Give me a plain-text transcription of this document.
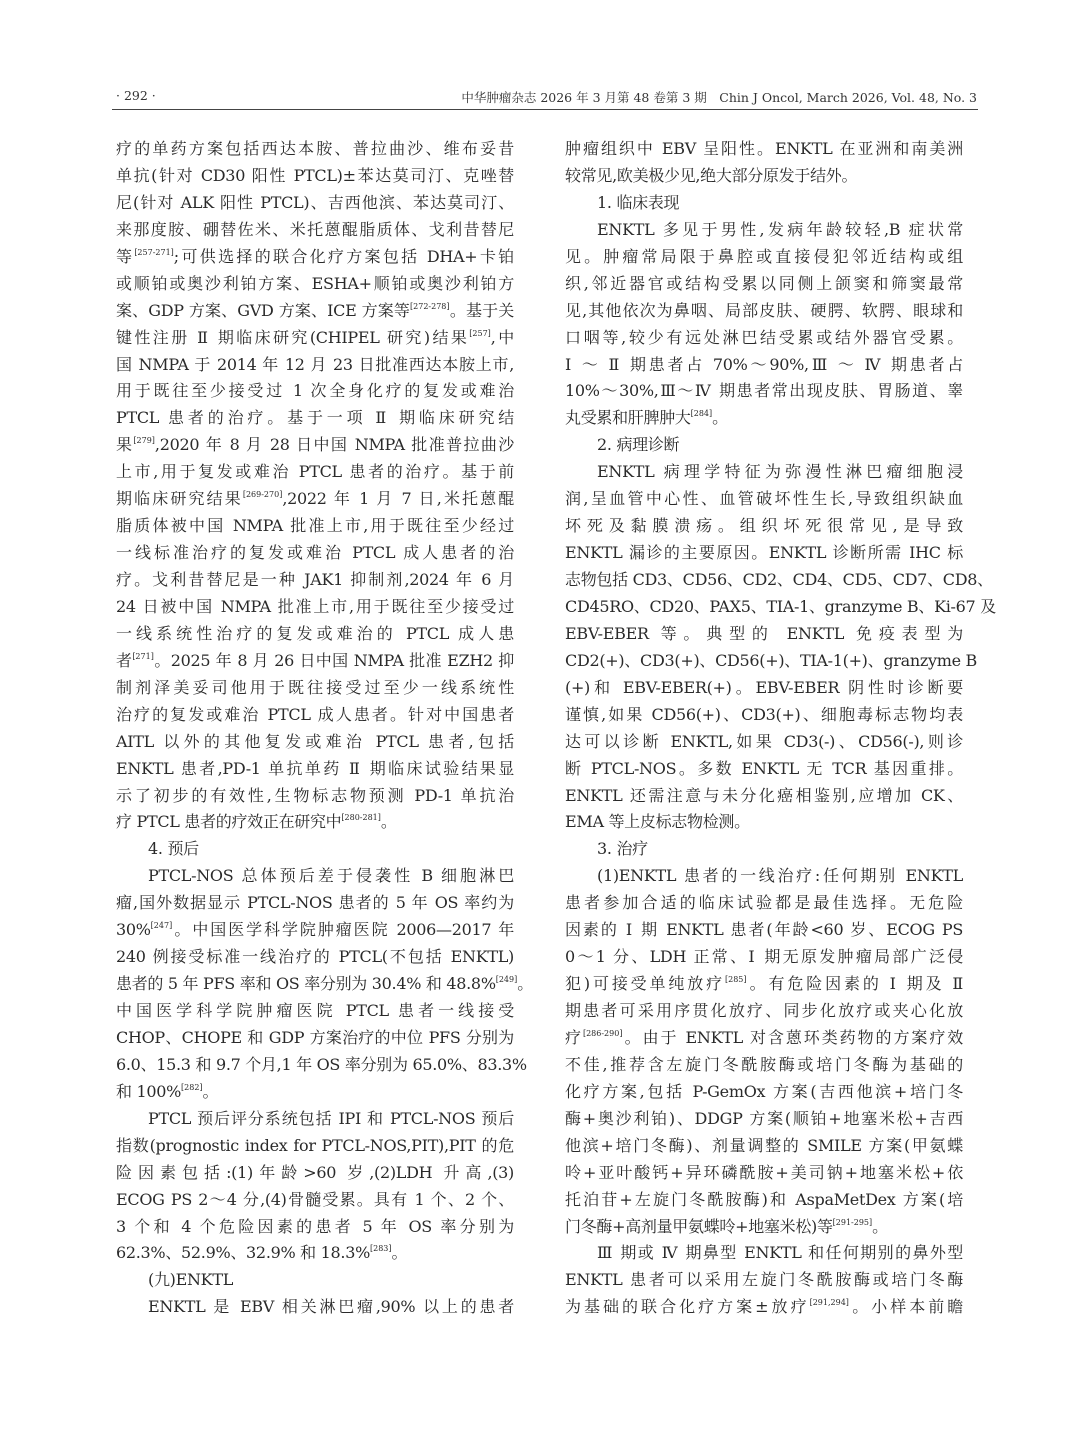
· 292 ·	中华肿瘤杂志 2026 年 3 月第 48 卷第 3 期　Chin J Oncol, March 2026, Vol. 48, No. 3
疗的单药方案包括西达本胺、普拉曲沙、维布妥昔
单抗(针对 CD30 阳性 PTCL)±苯达莫司汀、克唑替
尼(针对 ALK 阳性 PTCL)、吉西他滨、苯达莫司汀、
来那度胺、硼替佐米、米托蒽醌脂质体、戈利昔替尼
等[257-271];可供选择的联合化疗方案包括 DHA+卡铂
或顺铂或奥沙利铂方案、ESHA+顺铂或奥沙利铂方
案、GDP 方案、GVD 方案、ICE 方案等[272-278]。基于关
键性注册 Ⅱ 期临床研究(CHIPEL 研究)结果[257],中
国 NMPA 于 2014 年 12 月 23 日批准西达本胺上市,
用于既往至少接受过 1 次全身化疗的复发或难治
PTCL 患者的治疗。基于一项 Ⅱ 期临床研究结
果[279],2020 年 8 月 28 日中国 NMPA 批准普拉曲沙
上市,用于复发或难治 PTCL 患者的治疗。基于前
期临床研究结果[269-270],2022 年 1 月 7 日,米托蒽醌
脂质体被中国 NMPA 批准上市,用于既往至少经过
一线标准治疗的复发或难治 PTCL 成人患者的治
疗。戈利昔替尼是一种 JAK1 抑制剂,2024 年 6 月
24 日被中国 NMPA 批准上市,用于既往至少接受过
一线系统性治疗的复发或难治的 PTCL 成人患
者[271]。2025 年 8 月 26 日中国 NMPA 批准 EZH2 抑
制剂泽美妥司他用于既往接受过至少一线系统性
治疗的复发或难治 PTCL 成人患者。针对中国患者
AITL 以外的其他复发或难治 PTCL 患者,包括
ENKTL 患者,PD-1 单抗单药 Ⅱ 期临床试验结果显
示了初步的有效性,生物标志物预测 PD-1 单抗治
疗 PTCL 患者的疗效正在研究中[280-281]。
4. 预后
PTCL-NOS 总体预后差于侵袭性 B 细胞淋巴
瘤,国外数据显示 PTCL-NOS 患者的 5 年 OS 率约为
30%[247]。中国医学科学院肿瘤医院 2006—2017 年
240 例接受标准一线治疗的 PTCL(不包括 ENKTL)
患者的 5 年 PFS 率和 OS 率分别为 30.4% 和 48.8%[249]。
中国医学科学院肿瘤医院 PTCL 患者一线接受
CHOP、CHOPE 和 GDP 方案治疗的中位 PFS 分别为
6.0、15.3 和 9.7 个月,1 年 OS 率分别为 65.0%、83.3%
和 100%[282]。
PTCL 预后评分系统包括 IPI 和 PTCL-NOS 预后
指数(prognostic index for PTCL-NOS,PIT),PIT 的危
险因素包括:(1)年龄>60 岁,(2)LDH 升高,(3)
ECOG PS 2～4 分,(4)骨髓受累。具有 1 个、2 个、
3 个和 4 个危险因素的患者 5 年 OS 率分别为
62.3%、52.9%、32.9% 和 18.3%[283]。
(九)ENKTL
ENKTL 是 EBV 相关淋巴瘤,90% 以上的患者
肿瘤组织中 EBV 呈阳性。ENKTL 在亚洲和南美洲
较常见,欧美极少见,绝大部分原发于结外。
1. 临床表现
ENKTL 多见于男性,发病年龄较轻,B 症状常
见。肿瘤常局限于鼻腔或直接侵犯邻近结构或组
织,邻近器官或结构受累以同侧上颌窦和筛窦最常
见,其他依次为鼻咽、局部皮肤、硬腭、软腭、眼球和
口咽等,较少有远处淋巴结受累或结外器官受累。
Ⅰ ～ Ⅱ 期患者占 70%～90%,Ⅲ ～ Ⅳ 期患者占
10%～30%,Ⅲ～Ⅳ 期患者常出现皮肤、胃肠道、睾
丸受累和肝脾肿大[284]。
2. 病理诊断
ENKTL 病理学特征为弥漫性淋巴瘤细胞浸
润,呈血管中心性、血管破坏性生长,导致组织缺血
坏死及黏膜溃疡。组织坏死很常见,是导致
ENKTL 漏诊的主要原因。ENKTL 诊断所需 IHC 标
志物包括 CD3、CD56、CD2、CD4、CD5、CD7、CD8、
CD45RO、CD20、PAX5、TIA-1、granzyme B、Ki-67 及
EBV-EBER 等。典型的 ENKTL 免疫表型为
CD2(+)、CD3(+)、CD56(+)、TIA-1(+)、granzyme B
(+)和 EBV-EBER(+)。EBV-EBER 阴性时诊断要
谨慎,如果 CD56(+)、CD3(+)、细胞毒标志物均表
达可以诊断 ENKTL,如果 CD3(-)、CD56(-),则诊
断 PTCL-NOS。多数 ENKTL 无 TCR 基因重排。
ENKTL 还需注意与未分化癌相鉴别,应增加 CK、
EMA 等上皮标志物检测。
3. 治疗
(1)ENKTL 患者的一线治疗:任何期别 ENKTL
患者参加合适的临床试验都是最佳选择。无危险
因素的 Ⅰ 期 ENKTL 患者(年龄<60 岁、ECOG PS
0～1 分、LDH 正常、Ⅰ 期无原发肿瘤局部广泛侵
犯)可接受单纯放疗[285]。有危险因素的 Ⅰ 期及 Ⅱ
期患者可采用序贯化放疗、同步化放疗或夹心化放
疗[286-290]。由于 ENKTL 对含蒽环类药物的方案疗效
不佳,推荐含左旋门冬酰胺酶或培门冬酶为基础的
化疗方案,包括 P-GemOx 方案(吉西他滨+培门冬
酶+奥沙利铂)、DDGP 方案(顺铂+地塞米松+吉西
他滨+培门冬酶)、剂量调整的 SMILE 方案(甲氨蝶
呤+亚叶酸钙+异环磷酰胺+美司钠+地塞米松+依
托泊苷+左旋门冬酰胺酶)和 AspaMetDex 方案(培
门冬酶+高剂量甲氨蝶呤+地塞米松)等[291-295]。
Ⅲ 期或 Ⅳ 期鼻型 ENKTL 和任何期别的鼻外型
ENKTL 患者可以采用左旋门冬酰胺酶或培门冬酶
为基础的联合化疗方案±放疗[291,294]。小样本前瞻
